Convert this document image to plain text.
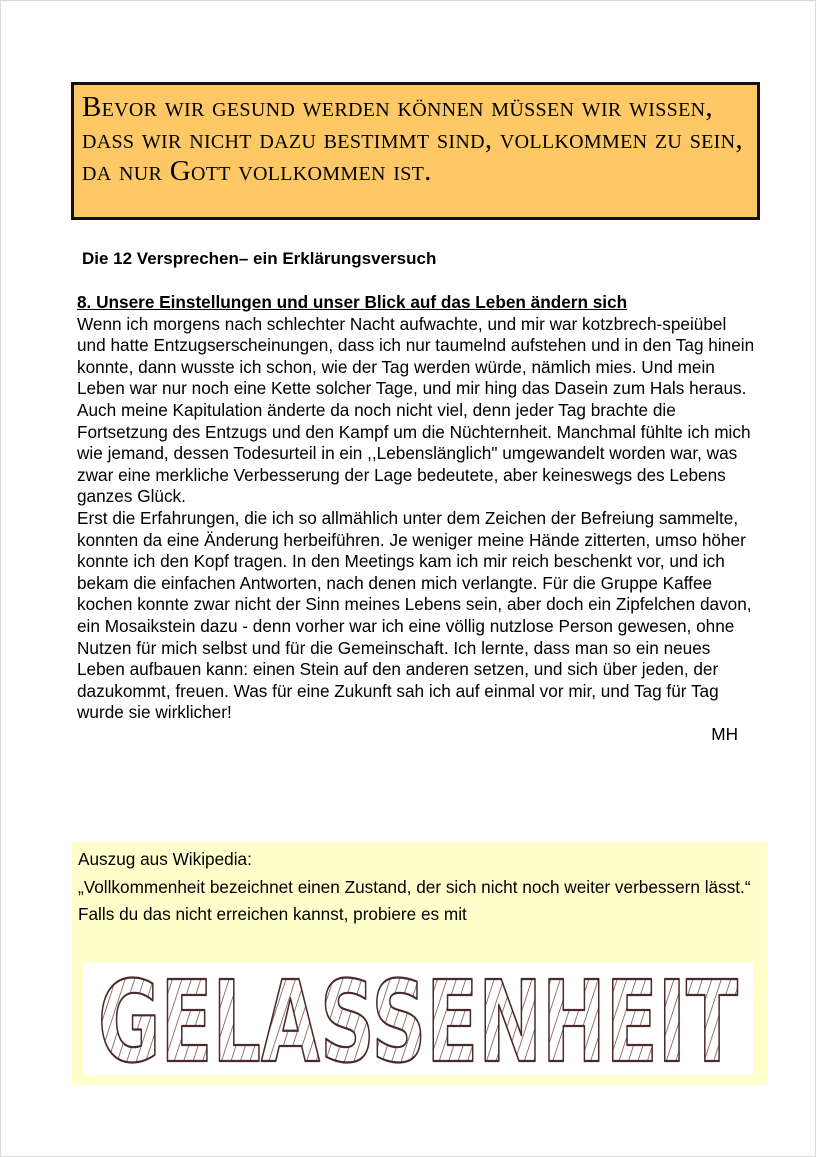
Bevor wir gesund werden können müssen wir wissen, dass wir nicht dazu bestimmt sind, vollkommen zu sein, da nur Gott vollkommen ist.

Die 12 Versprechen– ein Erklärungsversuch

8. Unsere Einstellungen und unser Blick auf das Leben ändern sich

Wenn ich morgens nach schlechter Nacht aufwachte, und mir war kotzbrech-speiübel und hatte Entzugserscheinungen, dass ich nur taumelnd aufstehen und in den Tag hinein konnte, dann wusste ich schon, wie der Tag werden würde, nämlich mies. Und mein Leben war nur noch eine Kette solcher Tage, und mir hing das Dasein zum Hals heraus. Auch meine Kapitulation änderte da noch nicht viel, denn jeder Tag brachte die Fortsetzung des Entzugs und den Kampf um die Nüchternheit. Manchmal fühlte ich mich wie jemand, dessen Todesurteil in ein ,,Lebenslänglich" umgewandelt worden war, was zwar eine merkliche Verbesserung der Lage bedeutete, aber keineswegs des Lebens ganzes Glück.

Erst die Erfahrungen, die ich so allmählich unter dem Zeichen der Befreiung sammelte, konnten da eine Änderung herbeiführen. Je weniger meine Hände zitterten, umso höher konnte ich den Kopf tragen. In den Meetings kam ich mir reich beschenkt vor, und ich bekam die einfachen Antworten, nach denen mich verlangte. Für die Gruppe Kaffee kochen konnte zwar nicht der Sinn meines Lebens sein, aber doch ein Zipfelchen davon, ein Mosaikstein dazu - denn vorher war ich eine völlig nutzlose Person gewesen, ohne Nutzen für mich selbst und für die Gemeinschaft. Ich lernte, dass man so ein neues Leben aufbauen kann: einen Stein auf den anderen setzen, und sich über jeden, der dazukommt, freuen. Was für eine Zukunft sah ich auf einmal vor mir, und Tag für Tag wurde sie wirklicher!

MH

Auszug aus Wikipedia:

„Vollkommenheit bezeichnet einen Zustand, der sich nicht noch weiter verbessern lässt.“

Falls du das nicht erreichen kannst, probiere es mit

GELASSENHEIT
